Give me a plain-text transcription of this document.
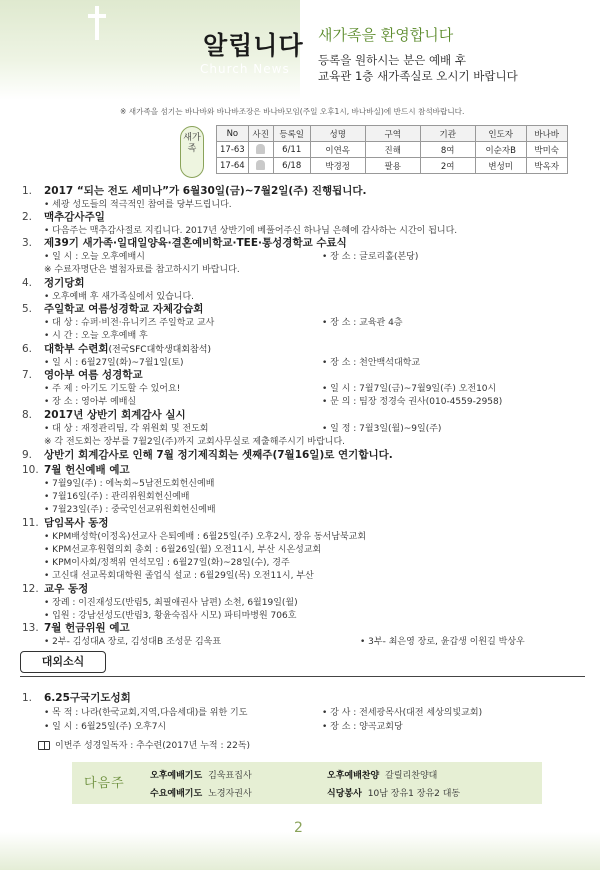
알립니다
Church News
새가족을 환영합니다
등록을 원하시는 분은 예배 후
교육관 1층 새가족실로 오시기 바랍니다
※ 새가족을 섬기는 바나바와 바나바조장은 바나바모임(주일 오후1시, 바나바실)에 반드시 참석바랍니다.
새가족
No	사진	등록일	성명	구역	기관	인도자	바나바
17-63		6/11	이연옥	진해	8여	이순자B	박미숙
17-64		6/18	박경정	팔용	2여	변성미	박옥자
1. 2017 “되는 전도 세미나”가 6월30일(금)~7월2일(주) 진행됩니다.
• 세광 성도들의 적극적인 참여를 당부드립니다.
2. 맥추감사주일
• 다음주는 맥추감사절로 지킵니다. 2017년 상반기에 베풀어주신 하나님 은혜에 감사하는 시간이 됩니다.
3. 제39기 새가족·일대일양육·결혼예비학교·TEE·통성경학교 수료식
• 일 시 : 오늘 오후예배시	• 장 소 : 글로리홀(본당)
※ 수료자명단은 별첨자료를 참고하시기 바랍니다.
4. 정기당회
• 오후예배 후 새가족실에서 있습니다.
5. 주일학교 여름성경학교 자체강습회
• 대 상 : 슈퍼·비전·유니키즈 주일학교 교사	• 장 소 : 교육관 4층
• 시 간 : 오늘 오후예배 후
6. 대학부 수련회(전국SFC대학생대회참석)
• 일 시 : 6월27일(화)~7월1일(토)	• 장 소 : 천안백석대학교
7. 영아부 여름 성경학교
• 주 제 : 아기도 기도할 수 있어요!	• 일 시 : 7월7일(금)~7월9일(주) 오전10시
• 장 소 : 영아부 예배실	• 문 의 : 팀장 정경숙 권사(010-4559-2958)
8. 2017년 상반기 회계감사 실시
• 대 상 : 재정관리팀, 각 위원회 및 전도회	• 일 정 : 7월3일(월)~9일(주)
※ 각 전도회는 장부를 7월2일(주)까지 교회사무실로 제출해주시기 바랍니다.
9. 상반기 회계감사로 인해 7월 정기제직회는 셋째주(7월16일)로 연기합니다.
10. 7월 헌신예배 예고
• 7월9일(주) : 에녹회~5남전도회헌신예배
• 7월16일(주) : 관리위원회헌신예배
• 7월23일(주) : 중국인선교위원회헌신예배
11. 담임목사 동정
• KPM배성학(이정옥)선교사 은퇴예배 : 6월25일(주) 오후2시, 장유 동서남북교회
• KPM선교후원협의회 총회 : 6월26일(월) 오전11시, 부산 시온성교회
• KPM이사회/정책위 연석모임 : 6월27일(화)~28일(수), 경주
• 고신대 선교목회대학원 졸업식 설교 : 6월29일(목) 오전11시, 부산
12. 교우 동정
• 장례 : 이진재성도(반림5, 최필애권사 남편) 소천, 6월19일(월)
• 입원 : 강남선성도(반림3, 황윤숙집사 시모) 파티마병원 706호
13. 7월 헌금위원 예고
• 2부- 김성대A 장로, 김성대B 조성문 김욱표	• 3부- 최은영 장로, 윤갑생 이원길 박상우
대외소식
1. 6.25구국기도성회
• 목 적 : 나라(한국교회,지역,다음세대)를 위한 기도	• 강 사 : 전세광목사(대전 세상의빛교회)
• 일 시 : 6월25일(주) 오후7시	• 장 소 : 양곡교회당
이번주 성경일독자 : 추수련(2017년 누적 : 22독)
다음주	오후예배기도 김욱표집사	오후예배찬양 갈릴리찬양대
수요예배기도 노경자권사	식당봉사 10남 장유1 장유2 대동
2
